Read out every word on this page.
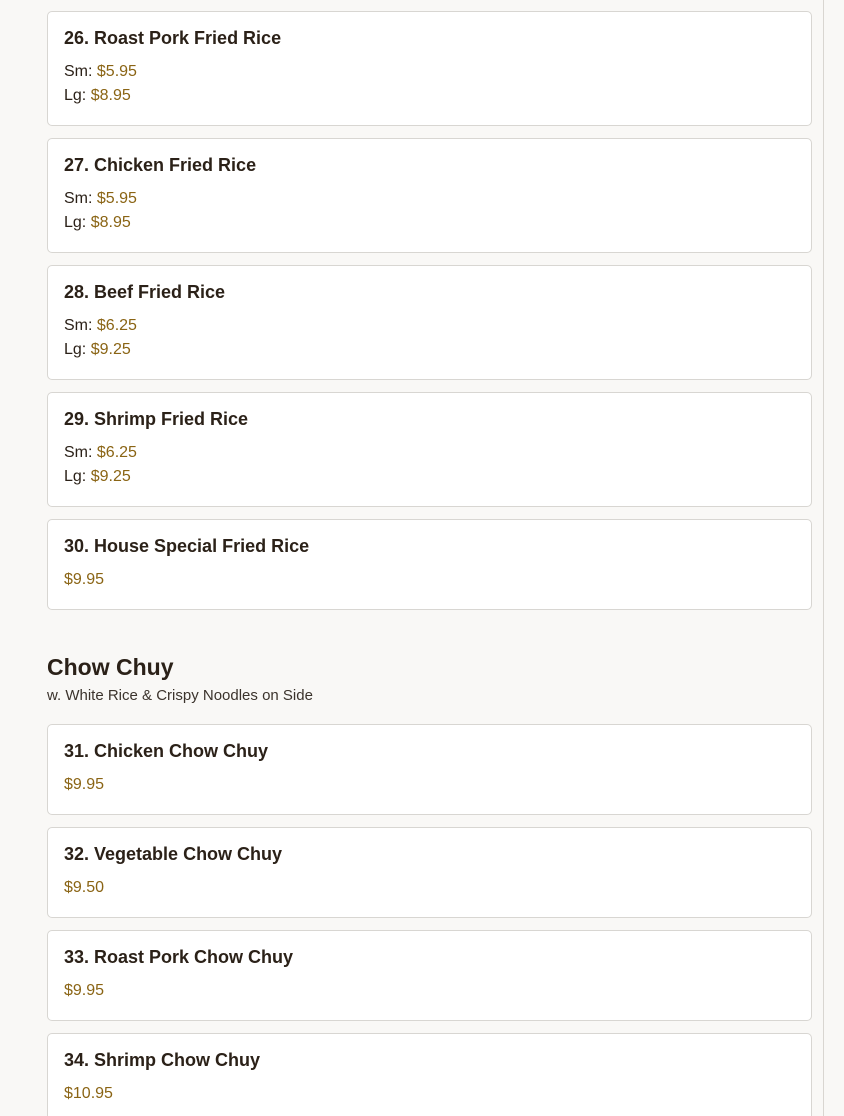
26. Roast Pork Fried Rice
Sm: $5.95
Lg: $8.95
27. Chicken Fried Rice
Sm: $5.95
Lg: $8.95
28. Beef Fried Rice
Sm: $6.25
Lg: $9.25
29. Shrimp Fried Rice
Sm: $6.25
Lg: $9.25
30. House Special Fried Rice
$9.95
Chow Chuy
w. White Rice & Crispy Noodles on Side
31. Chicken Chow Chuy
$9.95
32. Vegetable Chow Chuy
$9.50
33. Roast Pork Chow Chuy
$9.95
34. Shrimp Chow Chuy
$10.95
